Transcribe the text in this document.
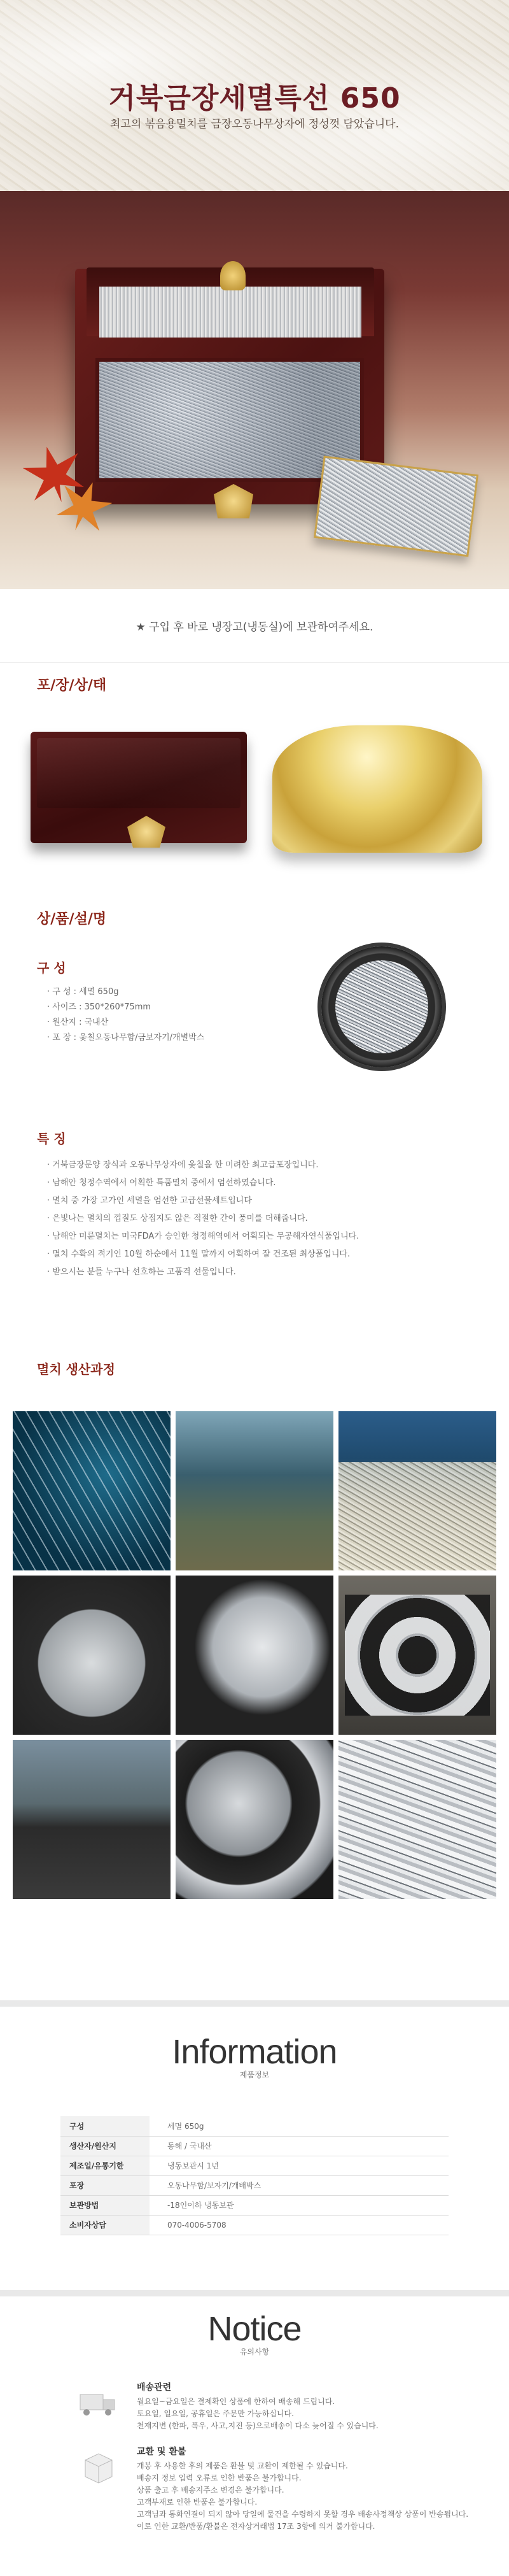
거북금장세멸특선 650

최고의 볶음용멸치를 금장오동나무상자에 정성껏 담았습니다.

★ 구입 후 바로 냉장고(냉동실)에 보관하여주세요.
포/장/상/태
상/품/설/명
구 성
· 구 성 : 세멸 650g
· 사이즈 : 350*260*75mm
· 원산지 : 국내산
· 포 장 : 옻칠오동나무함/금보자기/개별박스
특 징
· 거북금장문양 장식과 오동나무상자에 옻칠을 한 미려한 최고급포장입니다.
· 남해안 청정수역에서 어획한 특품멸치 중에서 엄선하였습니다.
· 멸치 중 가장 고가인 세멸을 엄선한 고급선물세트입니다
· 은빛나는 멸치의 껍질도 상접지도 않은 적절한 간이 풍미를 더해줍니다.
· 남해안 미륜멸치는 미국FDA가 승인한 청정해역에서 어획되는 무공해자연식품입니다.
· 멸치 수확의 적기인 10월 하순에서 11월 말까지 어획하여 잘 건조된 최상품입니다.
· 받으시는 분들 누구나 선호하는 고품격 선물입니다.
멸치 생산과정
Information
제품정보
구성	세멸 650g
생산자/원산지	동해 / 국내산
제조일/유통기한	냉동보관시 1년
포장	오동나무함/보자기/개배박스
보관방법	-18인이하 냉동보관
소비자상담	070-4006-5708
Notice
유의사항
배송관련
월요일~금요일은 결제확인 상품에 한하여 배송해 드립니다.
토요일, 일요일, 공휴일은 주문만 가능하십니다.
천재지변 (한파, 폭우, 사고,지진 등)으로배송이 다소 늦어질 수 있습니다.
교환 및 환불
개봉 후 사용한 후의 제품은 환불 및 교환이 제한될 수 있습니다.
배송지 정보 입력 오류로 인한 반품은 불가합니다.
상품 출고 후 배송지주소 변경은 불가합니다.
고객부재로 인한 반품은 불가합니다.
고객님과 통화연결이 되지 않아 당일에 물건을 수령하지 못할 경우 배송사정책상 상품이 반송됩니다.
이로 인한 교환/반품/환불은 전자상거래법 17조 3항에 의거 불가합니다.
